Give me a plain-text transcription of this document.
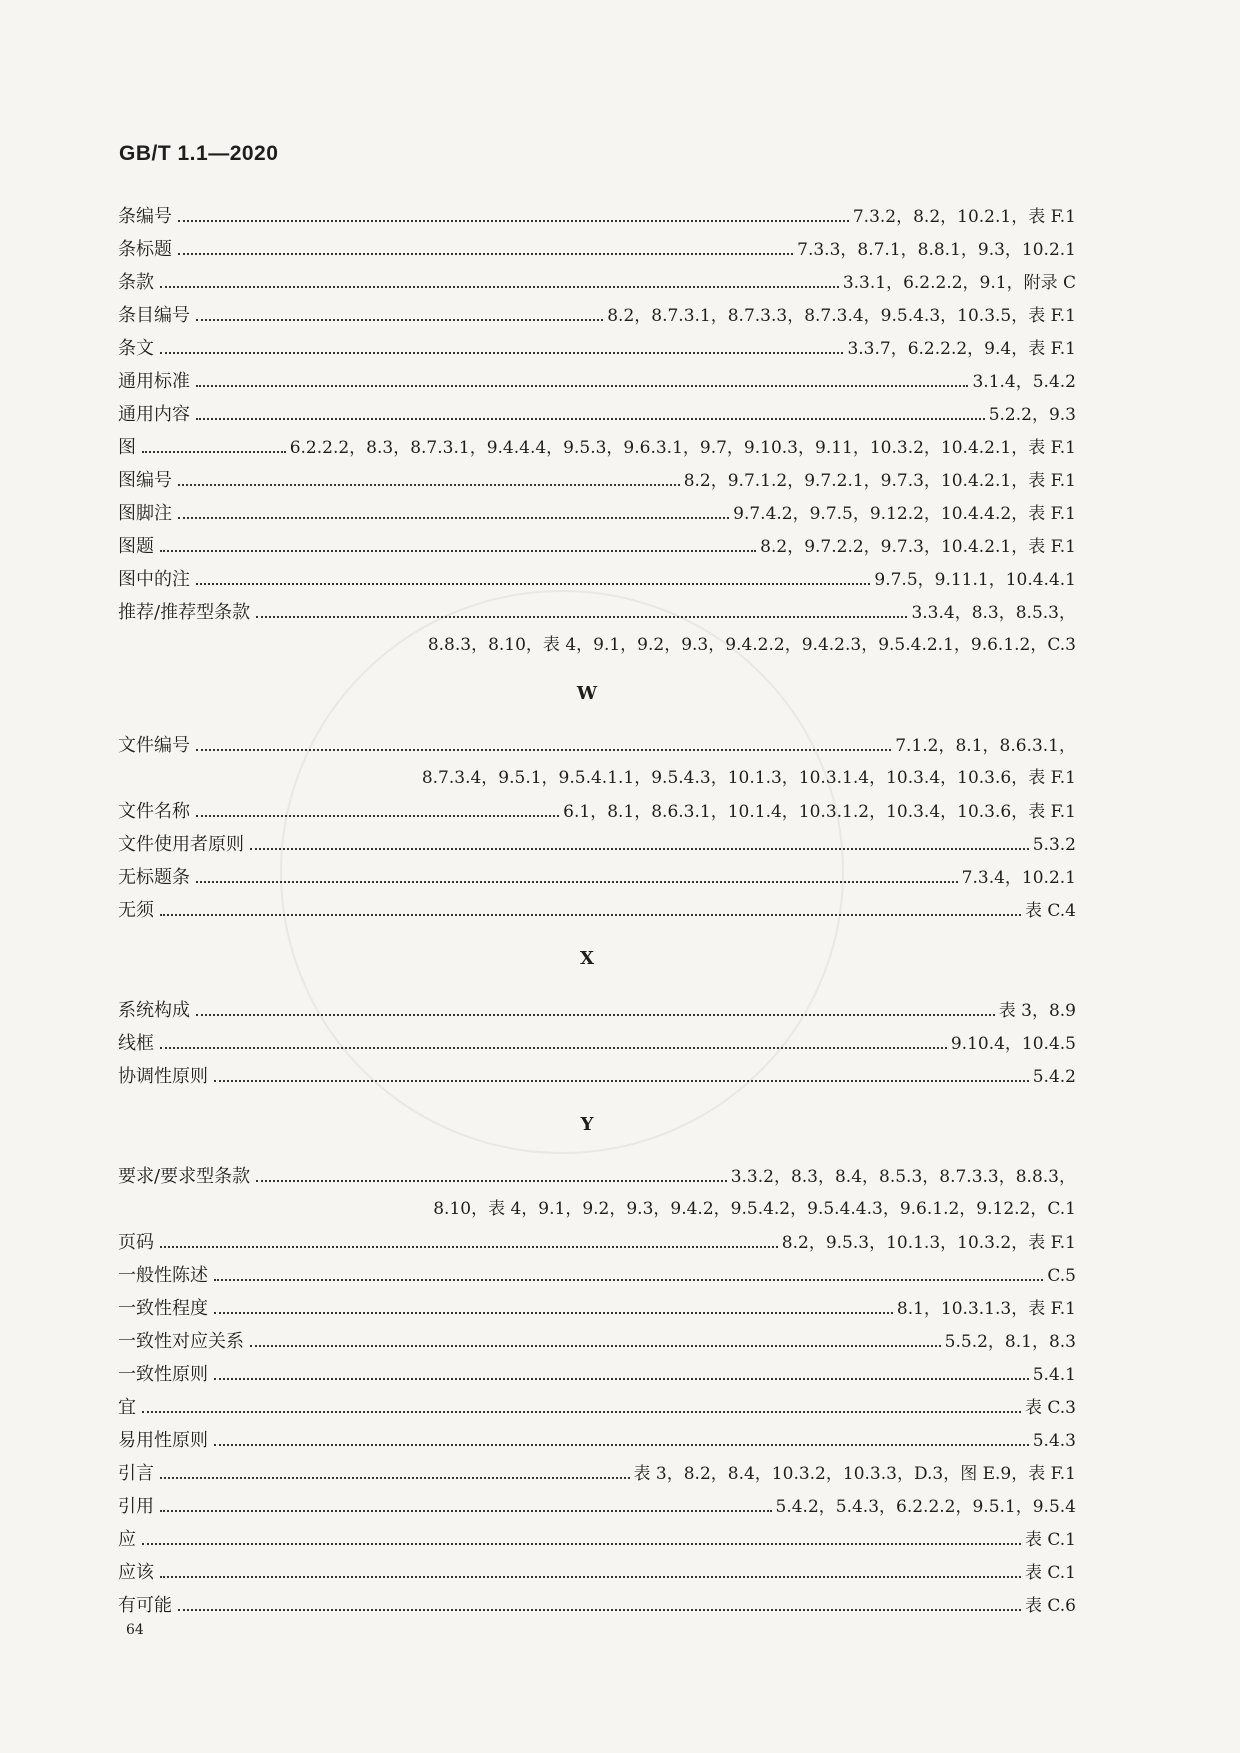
GB/T 1.1—2020
条编号	7.3.2，8.2，10.2.1，表 F.1
条标题	7.3.3，8.7.1，8.8.1，9.3，10.2.1
条款	3.3.1，6.2.2.2，9.1，附录 C
条目编号	8.2，8.7.3.1，8.7.3.3，8.7.3.4，9.5.4.3，10.3.5，表 F.1
条文	3.3.7，6.2.2.2，9.4，表 F.1
通用标准	3.1.4，5.4.2
通用内容	5.2.2，9.3
图	6.2.2.2，8.3，8.7.3.1，9.4.4.4，9.5.3，9.6.3.1，9.7，9.10.3，9.11，10.3.2，10.4.2.1，表 F.1
图编号	8.2，9.7.1.2，9.7.2.1，9.7.3，10.4.2.1，表 F.1
图脚注	9.7.4.2，9.7.5，9.12.2，10.4.4.2，表 F.1
图题	8.2，9.7.2.2，9.7.3，10.4.2.1，表 F.1
图中的注	9.7.5，9.11.1，10.4.4.1
推荐/推荐型条款	3.3.4，8.3，8.5.3，
8.8.3，8.10，表 4，9.1，9.2，9.3，9.4.2.2，9.4.2.3，9.5.4.2.1，9.6.1.2，C.3
W
文件编号	7.1.2，8.1，8.6.3.1，
8.7.3.4，9.5.1，9.5.4.1.1，9.5.4.3，10.1.3，10.3.1.4，10.3.4，10.3.6，表 F.1
文件名称	6.1，8.1，8.6.3.1，10.1.4，10.3.1.2，10.3.4，10.3.6，表 F.1
文件使用者原则	5.3.2
无标题条	7.3.4，10.2.1
无须	表 C.4
X
系统构成	表 3，8.9
线框	9.10.4，10.4.5
协调性原则	5.4.2
Y
要求/要求型条款	3.3.2，8.3，8.4，8.5.3，8.7.3.3，8.8.3，
8.10，表 4，9.1，9.2，9.3，9.4.2，9.5.4.2，9.5.4.4.3，9.6.1.2，9.12.2，C.1
页码	8.2，9.5.3，10.1.3，10.3.2，表 F.1
一般性陈述	C.5
一致性程度	8.1，10.3.1.3，表 F.1
一致性对应关系	5.5.2，8.1，8.3
一致性原则	5.4.1
宜	表 C.3
易用性原则	5.4.3
引言	表 3，8.2，8.4，10.3.2，10.3.3，D.3，图 E.9，表 F.1
引用	5.4.2，5.4.3，6.2.2.2，9.5.1，9.5.4
应	表 C.1
应该	表 C.1
有可能	表 C.6
64
